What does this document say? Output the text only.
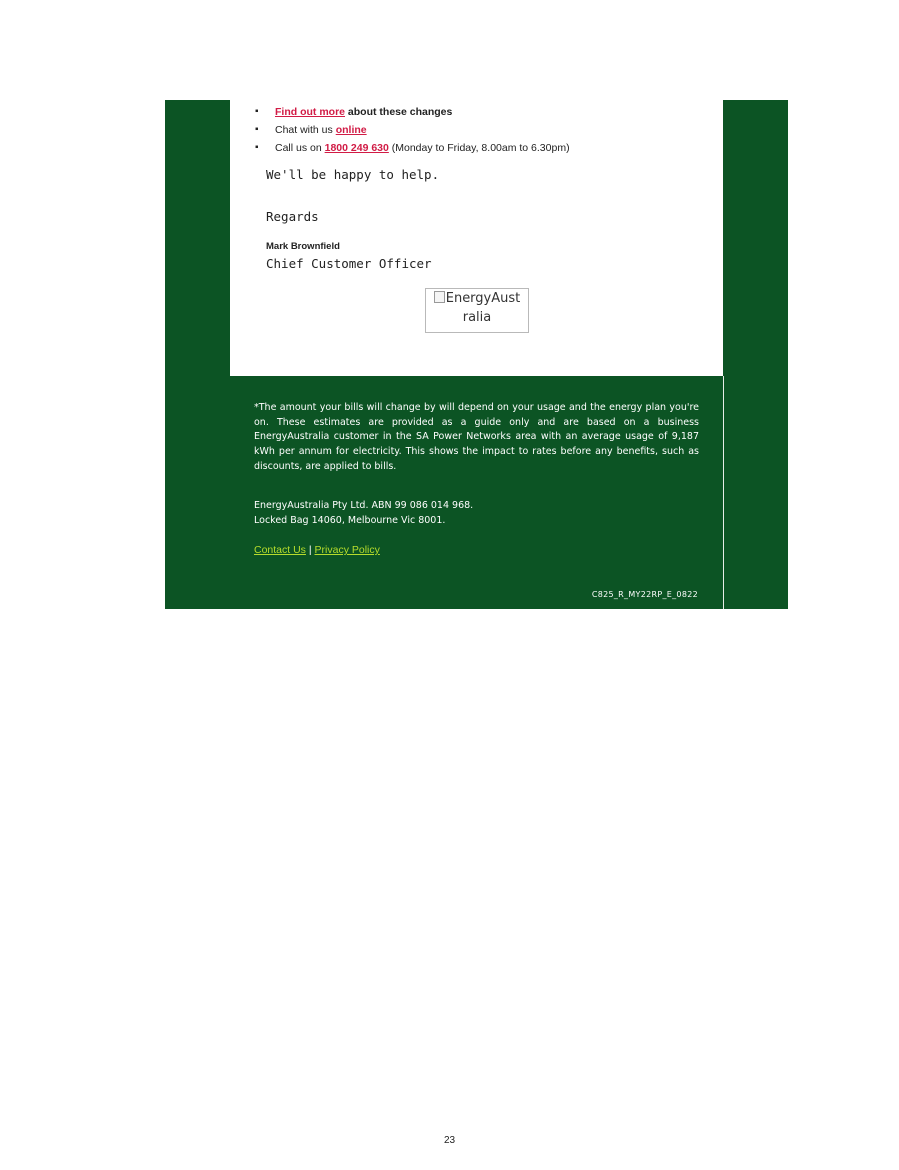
▪ Find out more about these changes
▪ Chat with us online
▪ Call us on 1800 249 630 (Monday to Friday, 8.00am to 6.30pm)
We'll be happy to help.
Regards
Mark Brownfield
Chief Customer Officer
EnergyAust
ralia
*The amount your bills will change by will depend on your usage and the energy plan you're on. These estimates are provided as a guide only and are based on a business EnergyAustralia customer in the SA Power Networks area with an average usage of 9,187 kWh per annum for electricity. This shows the impact to rates before any benefits, such as discounts, are applied to bills.
EnergyAustralia Pty Ltd. ABN 99 086 014 968.
Locked Bag 14060, Melbourne Vic 8001.
Contact Us | Privacy Policy
C825_R_MY22RP_E_0822
23
